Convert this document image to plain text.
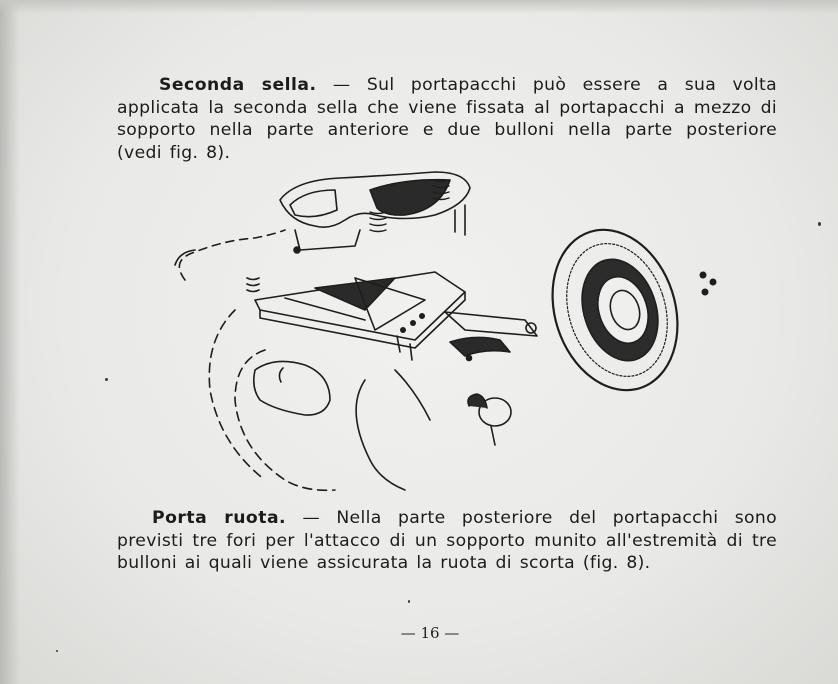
Seconda sella. — Sul portapacchi può essere a sua volta applicata la seconda sella che viene fissata al portapacchi a mezzo di sopporto nella parte anteriore e due bulloni nella parte posteriore (vedi fig. 8).

Porta ruota. — Nella parte posteriore del portapacchi sono previsti tre fori per l'attacco di un sopporto munito all'estremità di tre bulloni ai quali viene assicurata la ruota di scorta (fig. 8).

— 16 —
